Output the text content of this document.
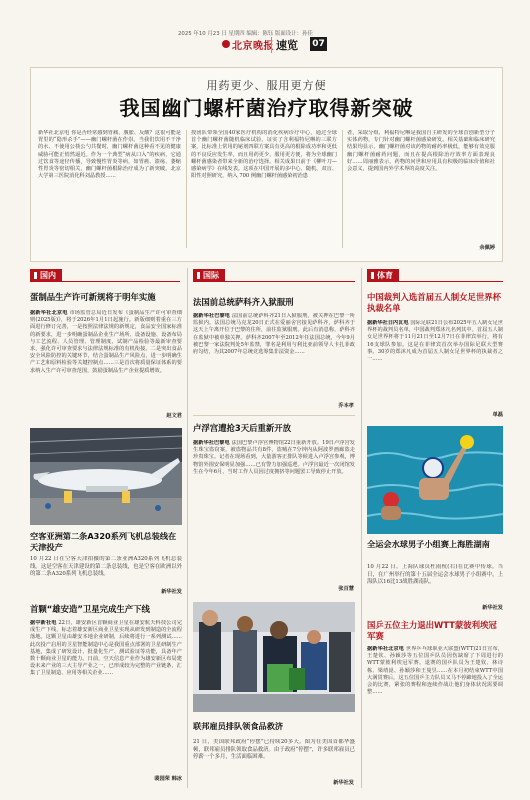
2025 年10 月23 日 星期四 编辑：陈钰 版面设计：孙佳
北京晚报 速览 07
用药更少、服用更方便
我国幽门螺杆菌治疗取得新突破
新华社北京电 你是否经常感到胃痛、腹胀、反酸？这很可能是胃里的“隐形杀手”——幽门螺杆菌在作祟。当我们饮用不干净的水、不使用公筷公勺共餐时，幽门螺杆菌这种看不见的健康威胁可能正悄然逼近。作为一个典型“病从口入”的疾病，它通过饮食等途径传播，导致慢性胃炎等病，如胃癌、溃疡、萎缩性胃炎等密切相关，幽门螺杆菌根除治疗成为了新突破。北京大学第三医院消化科刘晶教授……
授团队带领全国40家医疗机构的消化疾病诊疗中心，通过全球首个幽门螺杆菌随机临床试验，证实了含利福特尼啉的三联方案，比标准上常用的铋剂四联方案具有更高的根除成功率和更低的不良反应发生率，而且用药更少，服用更方便，将为全球幽门螺杆菌感染者带来全新的治疗选择。相关成果日前于《柳叶刀—感染病学》在线发表。这项在中国开展的多中心、随机、双盲、阳性对照研究，纳入 700 例幽门螺杆菌感染初治患
者，采取分组，利福特尼啉是我国自主研发的全球首创新型分子实体药物，专门针对幽门螺杆菌感染研发。相关基础和临床研究结果均显示，幽门螺杆菌对该药物的耐药率极低，能够有效克服幽门螺杆菌耐药问题，而且在提高根除治疗效率方面表现良好……周丽雅表示，药物的问世和应用具有积极的临床价值和社会意义，提到国内外学术界的高度关注。
余佩婷
国内
蛋制品生产许可新规将于明年实施
据新华社北京电 市场监管总局近日发布《蛋制品生产许可审查细则(2025版)》，将于2026年1月1日起施行。新版细则着重在三方面进行修订完善，一是按照法律法规的新规定，食品安全国家标准的新要求，进一步明确蛋制品企业生产场所、设备设施、设备布局与工艺流程、人员管理、管理制度、试制产品检验等最新审查要求，强化许可审查要求与法律法规标准的有机衔接。二是突出食品安全风险防控的关键环节，结合蛋制品生产风险点，进一步明确生产工艺和原料检验等关键控制点……三是首次将质量保证体系的要求纳入生产许可审查范围，鼓励蛋制品生产企业提质增效。
赵文君
空客亚洲第二条A320系列飞机总装线在天津投产
10 月22 日在空客天津拍摄的第二条亚洲A320系列飞机总装线。这是空客在天津建设的第二条总装线，也是空客在欧洲以外的第二条A320系列飞机总装线。
新华社发
首颗“雄安造”卫星完成生产下线
据中新社电 22日，雄安新区首颗商业卫星在雄安航天科技公司完成生产下线，标志着雄安新区商业卫星实现从研发到制造的全流程落地。这颗卫星由雄安本地企业研制，后续将进行一系列测试……此次投产启用的卫星智能制造中心是我国重点部署的卫星研制生产基地，集成了研发设计、批量化生产、测试验证等功能，具备年产数十颗商业卫星的能力。日前，空天信息产业作为雄安新区布局建设未来产业的三大主导产业之一，已形成较为完整的产业链条，汇集了卫星制造、应用等相关企业……
裴园荣 韩冰
国际
法国前总统萨科齐入狱服刑
据新华社巴黎电 法国前总统萨科齐21日入狱服刑，被关押在巴黎一所监狱内。法国总统马克龙20日正式在爱丽舍宫接见萨科齐，萨科齐于这天上午离开位于巴黎的住所，前往监狱服刑。此后有消息称，萨科齐在监狱中被单独关押。萨科齐2007年至2012年任法国总统，今年9月被巴黎一家法院判处5年监禁，罪名是利用与利比亚前领导人卡扎菲政府勾结，为其2007年总统竞选筹集非法资金……
乔本孝
卢浮宫遭抢3天后重新开放
据新华社巴黎电 法国巴黎卢浮宫博物馆22日重新开放。19日卢浮宫发生珠宝盗窃案，被盗物品共有8件，盗贼在7分钟内从阿波罗画廊盗走珍贵珠宝。记者在现场看到，大量游客正排队等候进入卢浮宫参观，博物馆外围安保明显加强……已有警力加强巡逻。卢浮宫最近一次闭馆发生在今年6月，当时工作人员因过度拥挤等问题罢工导致停止开放。
张百慧
联邦雇员排队领食品救济
21 日，美国联邦政府“停摆”已持续20多天。图为在美国首都华盛顿，联邦雇员排队领取食品救济。由于政府“停摆”，许多联邦雇员已停薪一个多月，生活面临困难。
新华社发
体育
中国裁判入选首届五人制女足世界杯执裁名单
据新华社日内瓦电 国际足联21日公布2025年五人制女足世界杯的裁判员名单，中国裁判郑沐凡名列其中。首届五人制女足世界杯将于11月21日至12月7日在菲律宾举行，将有16支球队参加。这是在菲律宾首次举办国际足联大型赛事。30岁的郑沐凡成为首届五人制女足世界杯的执裁者之一……
单磊
全运会水球男子小组赛上海胜湖南
10 月22 日，上海队球员杜雨杭(右)在比赛中传球。当日，在广州举行的第十五届全运会水球男子小组赛中，上海队以16比13战胜湖南队。
新华社发
国乒五位主力退出WTT蒙彼利埃冠军赛
据新华社北京电 世界乒乓球职业大联盟(WTT)21日宣布，王楚钦、孙颖莎等五位国乒队员因伤缺席了下周进行的WTT蒙彼利埃冠军赛。退赛的国乒队员为王楚钦、林诗栋、梁靖崑、孙颖莎和王曼昱……在本月初结束WTT中国大满贯赛后，这五位国乒主力队员又马不停蹄地投入了全运会的比赛，紧张的赛程和连续作战让他们身体状况需要调整……
